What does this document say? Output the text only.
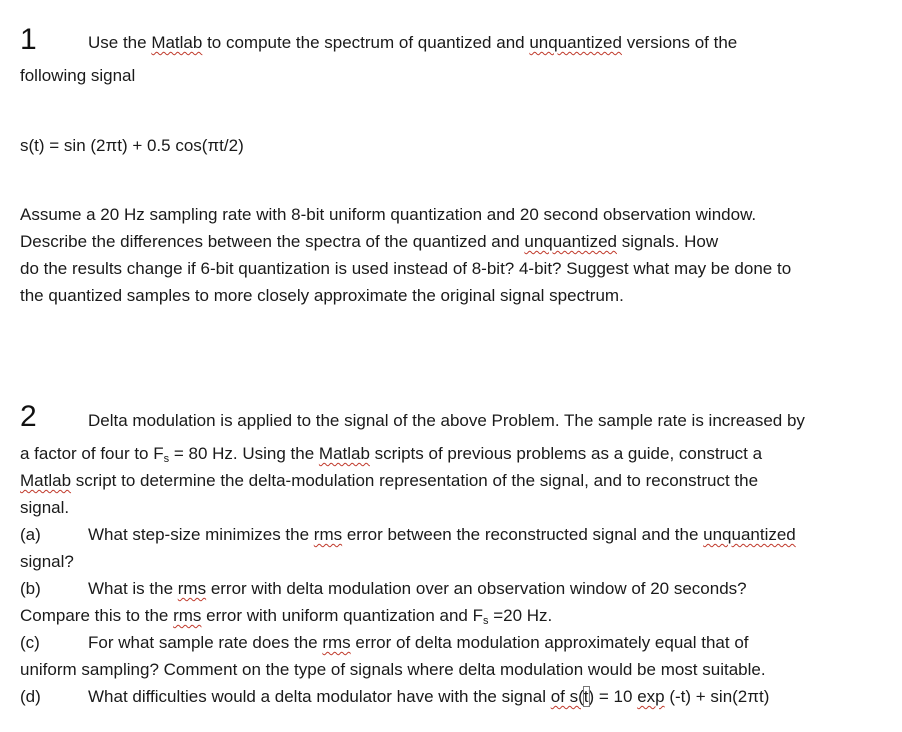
1	Use the Matlab to compute the spectrum of quantized and unquantized versions of the
following signal
s(t) = sin (2πt) + 0.5 cos(πt/2)
Assume a 20 Hz sampling rate with 8-bit uniform quantization and 20 second observation window.
Describe the differences between the spectra of the quantized and unquantized signals. How
do the results change if 6-bit quantization is used instead of 8-bit? 4-bit? Suggest what may be done to
the quantized samples to more closely approximate the original signal spectrum.
2	Delta modulation is applied to the signal of the above Problem. The sample rate is increased by
a factor of four to $F_s = 80$ Hz. Using the Matlab scripts of previous problems as a guide, construct a
Matlab script to determine the delta-modulation representation of the signal, and to reconstruct the
signal.
(a)	What step-size minimizes the rms error between the reconstructed signal and the unquantized
signal?
(b)	What is the rms error with delta modulation over an observation window of 20 seconds?
Compare this to the rms error with uniform quantization and $F_s =20$ Hz.
(c)	For what sample rate does the rms error of delta modulation approximately equal that of
uniform sampling? Comment on the type of signals where delta modulation would be most suitable.
(d)	What difficulties would a delta modulator have with the signal of s(t) = 10 exp (-t) + sin(2πt)
